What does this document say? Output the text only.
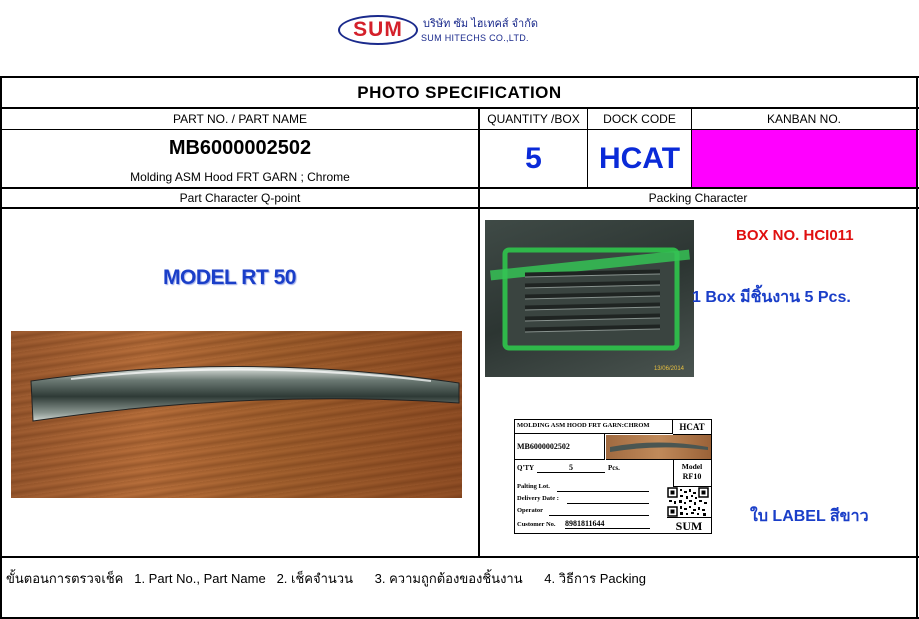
SUM	บริษัท ซัม ไฮเทคส์ จำกัด
SUM HITECHS CO.,LTD.
PHOTO SPECIFICATION
PART NO. / PART NAME	QUANTITY /BOX	DOCK CODE	KANBAN NO.
MB6000002502
Molding ASM Hood FRT GARN ; Chrome
5	HCAT
Part Character Q-point	Packing Character
MODEL RT 50
13/06/2014
BOX NO. HCI011
1 Box มีชิ้นงาน 5 Pcs.
MOLDING ASM HOOD FRT GARN:CHROM	HCAT
MB6000002502
Q'TY	5	Pcs.
Palting Lot.
Delivery Date :
Operator
Customer No. 8981811644
Model
RF10
SUM
ใบ LABEL สีขาว
ขั้นตอนการตรวจเช็ค 1. Part No., Part Name 2. เช็คจำนวน 3. ความถูกต้องของชิ้นงาน 4. วิธีการ Packing
